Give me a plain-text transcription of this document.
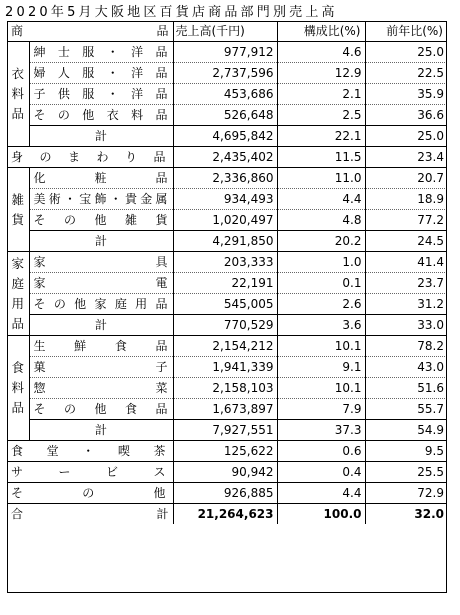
2020年5月大阪地区百貨店商品部門別売上高
商 品		売上高(千円)	構成比(%)	前年比(%)

衣
料
品	紳士服・洋品	977,912	4.6	25.0

	婦人服・洋品	2,737,596	12.9	22.5

	子供服・洋品	453,686	2.1	35.9

	その他衣料品	526,648	2.5	36.6
	計	4,695,842	22.1	25.0

身のまわり品		2,435,402	11.5	23.4

雑
貨	化粧品	2,336,860	11.0	20.7

	美術・宝飾・貴金属	934,493	4.4	18.9

	その他雑貨	1,020,497	4.8	77.2
	計	4,291,850	20.2	24.5

家
庭
用
品	家具	203,333	1.0	41.4

	家電	22,191	0.1	23.7

	その他家庭用品	545,005	2.6	31.2
	計	770,529	3.6	33.0

食
料
品	生鮮食品	2,154,212	10.1	78.2

	菓子	1,941,339	9.1	43.0

	惣菜	2,158,103	10.1	51.6

	その他食品	1,673,897	7.9	55.7
	計	7,927,551	37.3	54.9

食堂・喫茶		125,622	0.6	9.5

サービス		90,942	0.4	25.5

その他		926,885	4.4	72.9

合 計		21,264,623	100.0	32.0
